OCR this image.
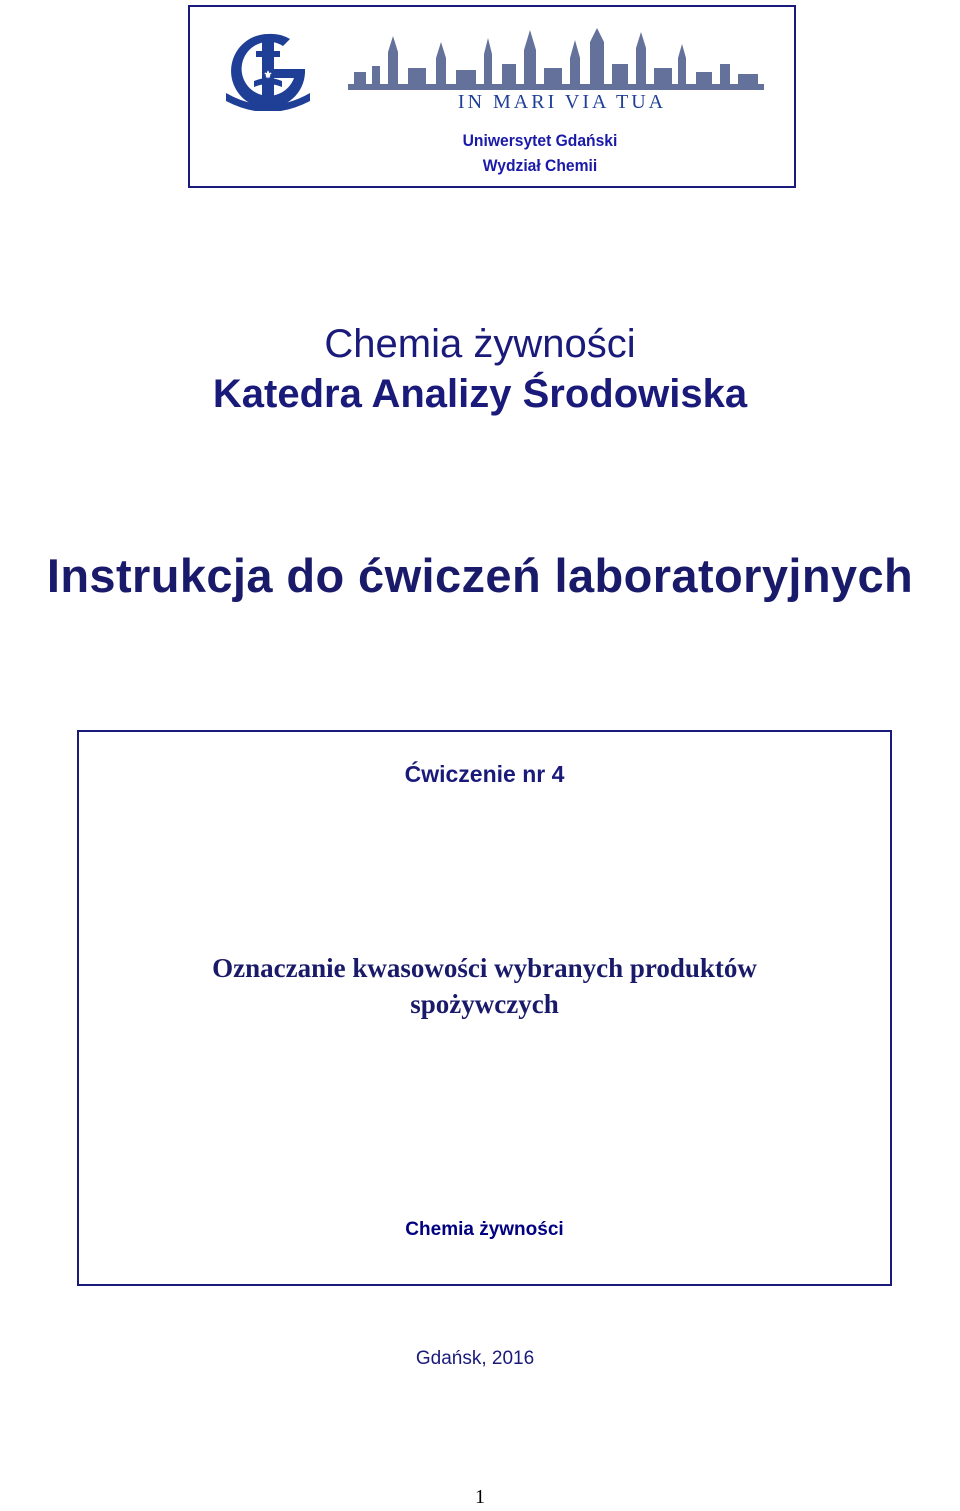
⚜
IN MARI VIA TUA
Uniwersytet Gdański
Wydział Chemii
Chemia żywności
Katedra Analizy Środowiska
Instrukcja do ćwiczeń laboratoryjnych
Ćwiczenie nr 4
Oznaczanie kwasowości wybranych produktów
spożywczych
Chemia żywności
Gdańsk, 2016
1
